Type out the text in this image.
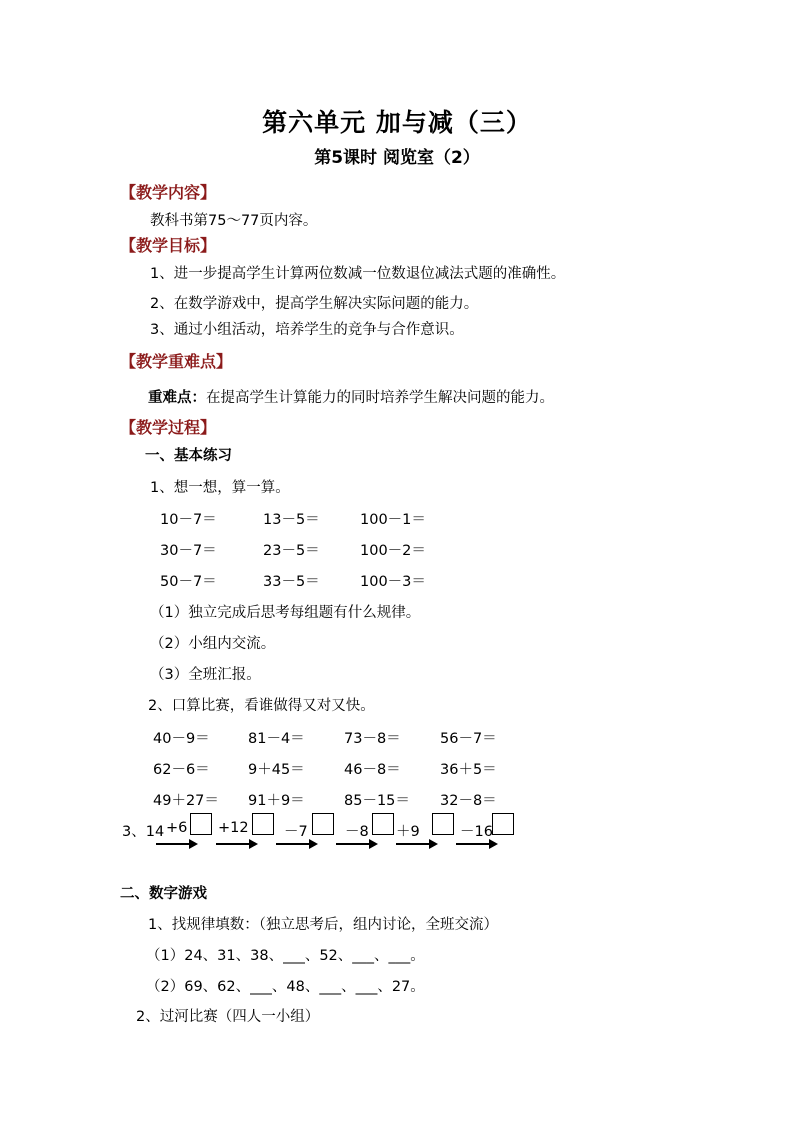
第六单元 加与减（三）
第5课时 阅览室（2）
【教学内容】
教科书第75～77页内容。
【教学目标】
1、进一步提高学生计算两位数减一位数退位减法式题的准确性。
2、在数学游戏中，提高学生解决实际问题的能力。
3、通过小组活动，培养学生的竞争与合作意识。
【教学重难点】
重难点：在提高学生计算能力的同时培养学生解决问题的能力。
【教学过程】
一、基本练习
1、想一想，算一算。
10－7＝	13－5＝	100－1＝
30－7＝	23－5＝	100－2＝
50－7＝	33－5＝	100－3＝
（1）独立完成后思考每组题有什么规律。
（2）小组内交流。
（3）全班汇报。
2、口算比赛，看谁做得又对又快。
40－9＝	81－4＝	73－8＝	56－7＝
62－6＝	9＋45＝	46－8＝	36＋5＝
49＋27＝ 91＋9＝	85－15＝ 32－8＝
3、14 +6 +12 －7	－8 ＋9	－16
二、数字游戏
1、找规律填数：（独立思考后，组内讨论，全班交流）
（1）24、31、38、___、52、___、___。
（2）69、62、___、48、___、___、27。
2、过河比赛（四人一小组）
